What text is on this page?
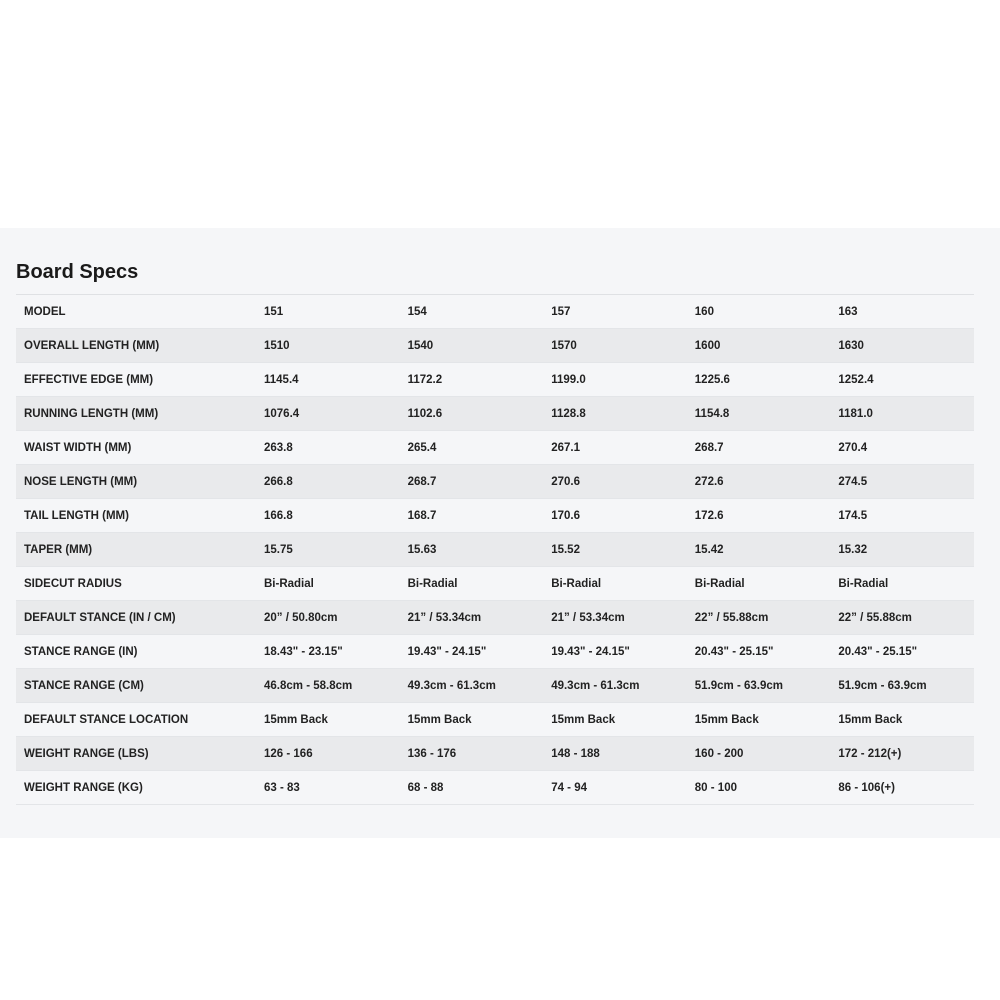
Board Specs
MODEL	151	154	157	160	163
OVERALL LENGTH (MM)	1510	1540	1570	1600	1630
EFFECTIVE EDGE (MM)	1145.4	1172.2	1199.0	1225.6	1252.4
RUNNING LENGTH (MM)	1076.4	1102.6	1128.8	1154.8	1181.0
WAIST WIDTH (MM)	263.8	265.4	267.1	268.7	270.4
NOSE LENGTH (MM)	266.8	268.7	270.6	272.6	274.5
TAIL LENGTH (MM)	166.8	168.7	170.6	172.6	174.5
TAPER (MM)	15.75	15.63	15.52	15.42	15.32
SIDECUT RADIUS	Bi-Radial	Bi-Radial	Bi-Radial	Bi-Radial	Bi-Radial
DEFAULT STANCE (IN / CM)	20” / 50.80cm	21” / 53.34cm	21” / 53.34cm	22” / 55.88cm	22” / 55.88cm
STANCE RANGE (IN)	18.43" - 23.15"	19.43" - 24.15"	19.43" - 24.15"	20.43" - 25.15"	20.43" - 25.15"
STANCE RANGE (CM)	46.8cm - 58.8cm	49.3cm - 61.3cm	49.3cm - 61.3cm	51.9cm - 63.9cm	51.9cm - 63.9cm
DEFAULT STANCE LOCATION	15mm Back	15mm Back	15mm Back	15mm Back	15mm Back
WEIGHT RANGE (LBS)	126 - 166	136 - 176	148 - 188	160 - 200	172 - 212(+)
WEIGHT RANGE (KG)	63 - 83	68 - 88	74 - 94	80 - 100	86 - 106(+)
